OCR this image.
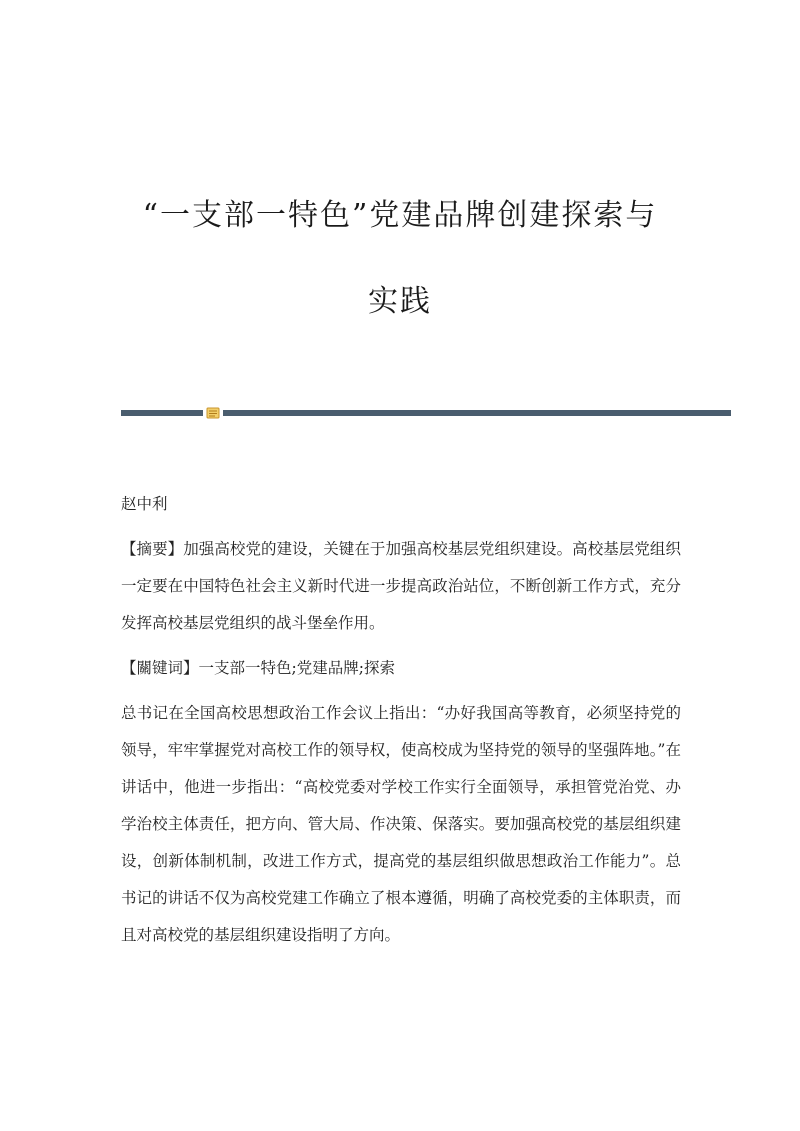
“一支部一特色”党建品牌创建探索与
实践

赵中利

【摘要】加强高校党的建设，关键在于加强高校基层党组织建设。高校基层党组织一定要在中国特色社会主义新时代进一步提高政治站位，不断创新工作方式，充分发挥高校基层党组织的战斗堡垒作用。

【關键词】一支部一特色;党建品牌;探索

总书记在全国高校思想政治工作会议上指出：“办好我国高等教育，必须坚持党的领导，牢牢掌握党对高校工作的领导权，使高校成为坚持党的领导的坚强阵地。”在讲话中，他进一步指出：“高校党委对学校工作实行全面领导，承担管党治党、办学治校主体责任，把方向、管大局、作决策、保落实。要加强高校党的基层组织建设，创新体制机制，改进工作方式，提高党的基层组织做思想政治工作能力”。总书记的讲话不仅为高校党建工作确立了根本遵循，明确了高校党委的主体职责，而且对高校党的基层组织建设指明了方向。
